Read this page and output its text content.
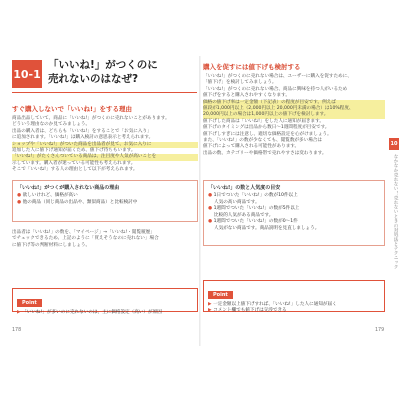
10-1
「いいね!」がつくのに
売れないのはなぜ?
すぐ購入しないで「いいね!」をする理由

商品出品していて、商品に「いいね!」がつくのに売れないことがあります。

どういう理由なのか見てみましょう。

出品の購入者は、どちらも「いいね!」をすることで「お気に入り」

に追加されます。「いいね!」は購入検討の意思表示と考えられます。

ショップや「いいね!」がついた商品を出品者が見て、お気に入りに

追加した人に値下げ通知が届くため、値下げ待ちもいます。

「いいね!」がたくさんついている商品は、注目度や人気が高いことを

示しています。購入者が迷っている可能性も考えられます。

そこで「いいね!」する人の理由として以下が考えられます。

「いいね!」がつくが購入されない商品の理由
● 欲しいけれど、価格が高い
● 他の商品（同じ商品の出品や、類似商品）と比較検討中

出品者は「いいね!」の数を、「マイページ」→「いいね!・閲覧履歴」

でチェックできるため、上記のように「買えそうなのに売れない」場合

に値下げ等の判断材料にしましょう。

Point
▶ 「いいね!」が多いのに売れないのは、主に価格設定（高い）が原因
178
購入を促すには値下げも検討する

「いいね!」がつくのに売れない場合は、ユーザーに購入を促すために、

「値下げ」を検討してみましょう。

「いいね!」がつくのに売れない場合、商品に興味を持つ人がいるため

値下げをすると購入されやすくなります。

価格の値下げ率は一定金額（下記表）の程度が目安です。例えば

値段が1,000円以上（2,000円以上 20,000円未満の場合）は10%程度、

20,000円以上の場合は1,000円以上の値下げを検討します。

値下げした商品は「いいね!」をした人に通知が届きます。

値下げのタイミングは出品から数日〜1週間程度が目安です。

値下げしすぎには注意し、適切な価格設定を心がけましょう。

また、「いいね!」の数が少なくても、閲覧数が多い場合は

値下げによって購入される可能性があります。

出品の数、カテゴリーや価格帯で売れやすさは変わります。

「いいね!」の数と人気度の目安
● 1日でついた「いいね!」の数が10件以上
人気の高い商品です。
● 1週間でついた「いいね!」の数が5件以上
比較的人気がある商品です。
● 1週間でついた「いいね!」の数が0〜1件
人気がない商品です。商品説明を見直しましょう。
Point
▶ 一定金額以上値下げすれば、「いいね!」した人に通知が届く
▶ コメント欄でも値下げは交渉できる
179
10
なかなか売れない！売れないときの対処法とテクニック
